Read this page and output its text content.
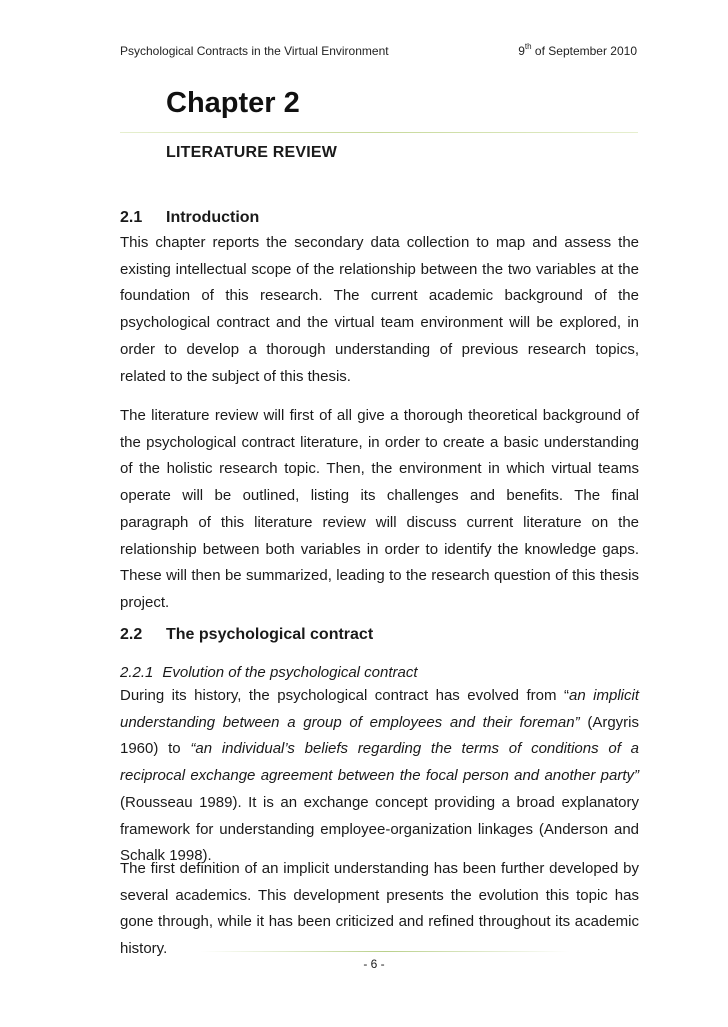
Psychological Contracts in the Virtual Environment	9th of September 2010
Chapter 2
LITERATURE REVIEW
2.1 Introduction

This chapter reports the secondary data collection to map and assess the existing intellectual scope of the relationship between the two variables at the foundation of this research. The current academic background of the psychological contract and the virtual team environment will be explored, in order to develop a thorough understanding of previous research topics, related to the subject of this thesis.

The literature review will first of all give a thorough theoretical background of the psychological contract literature, in order to create a basic understanding of the holistic research topic. Then, the environment in which virtual teams operate will be outlined, listing its challenges and benefits. The final paragraph of this literature review will discuss current literature on the relationship between both variables in order to identify the knowledge gaps. These will then be summarized, leading to the research question of this thesis project.

2.2 The psychological contract
2.2.1 Evolution of the psychological contract

During its history, the psychological contract has evolved from “an implicit understanding between a group of employees and their foreman” (Argyris 1960) to “an individual’s beliefs regarding the terms of conditions of a reciprocal exchange agreement between the focal person and another party” (Rousseau 1989). It is an exchange concept providing a broad explanatory framework for understanding employee-organization linkages (Anderson and Schalk 1998).

The first definition of an implicit understanding has been further developed by several academics. This development presents the evolution this topic has gone through, while it has been criticized and refined throughout its academic history.

- 6 -
